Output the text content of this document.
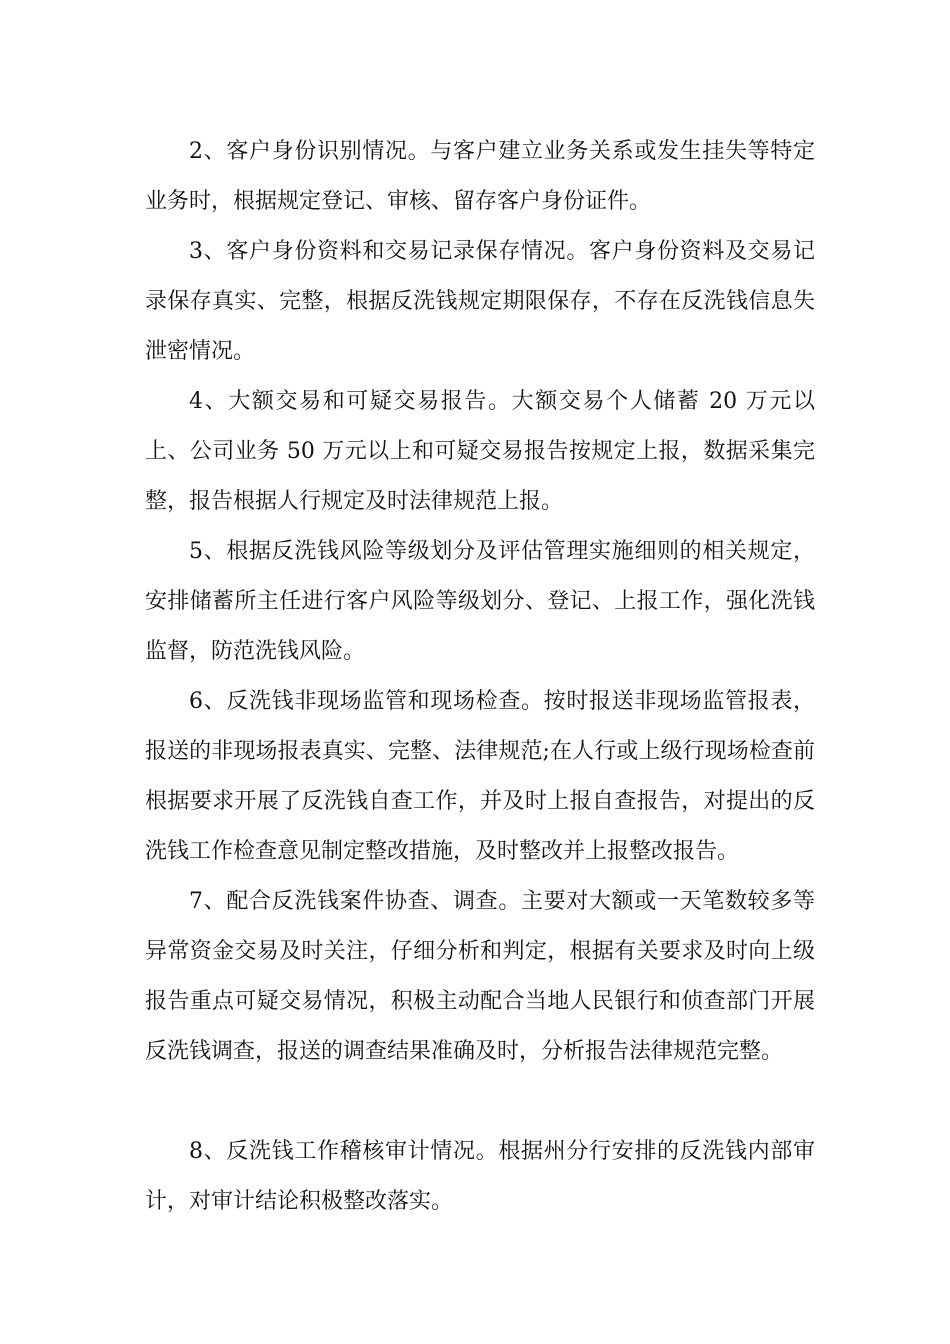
2、客户身份识别情况。与客户建立业务关系或发生挂失等特定业务时，根据规定登记、审核、留存客户身份证件。

3、客户身份资料和交易记录保存情况。客户身份资料及交易记录保存真实、完整，根据反洗钱规定期限保存，不存在反洗钱信息失泄密情况。

4、大额交易和可疑交易报告。大额交易个人储蓄 20 万元以上、公司业务 50 万元以上和可疑交易报告按规定上报，数据采集完整，报告根据人行规定及时法律规范上报。

5、根据反洗钱风险等级划分及评估管理实施细则的相关规定，安排储蓄所主任进行客户风险等级划分、登记、上报工作，强化洗钱监督，防范洗钱风险。

6、反洗钱非现场监管和现场检查。按时报送非现场监管报表，报送的非现场报表真实、完整、法律规范;在人行或上级行现场检查前根据要求开展了反洗钱自查工作，并及时上报自查报告，对提出的反洗钱工作检查意见制定整改措施，及时整改并上报整改报告。

7、配合反洗钱案件协查、调查。主要对大额或一天笔数较多等异常资金交易及时关注，仔细分析和判定，根据有关要求及时向上级报告重点可疑交易情况，积极主动配合当地人民银行和侦查部门开展反洗钱调查，报送的调查结果准确及时，分析报告法律规范完整。

8、反洗钱工作稽核审计情况。根据州分行安排的反洗钱内部审计，对审计结论积极整改落实。
